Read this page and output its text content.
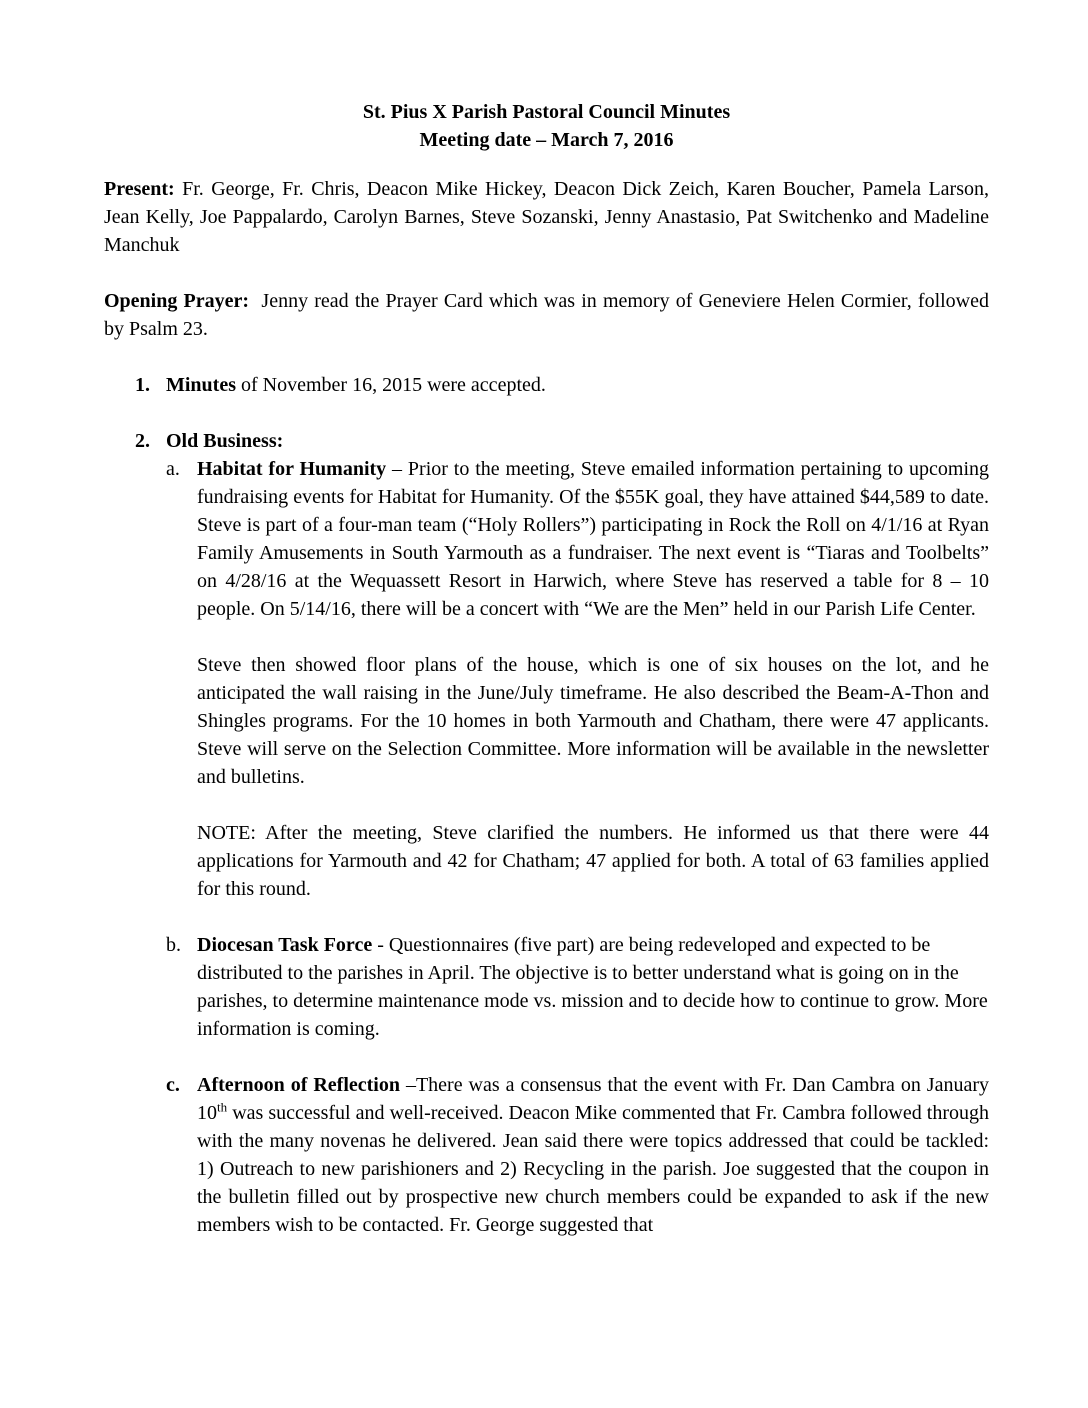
St. Pius X Parish Pastoral Council Minutes

Meeting date – March 7, 2016

Present: Fr. George, Fr. Chris, Deacon Mike Hickey, Deacon Dick Zeich, Karen Boucher, Pamela Larson, Jean Kelly, Joe Pappalardo, Carolyn Barnes, Steve Sozanski, Jenny Anastasio, Pat Switchenko and Madeline Manchuk

Opening Prayer: Jenny read the Prayer Card which was in memory of Geneviere Helen Cormier, followed by Psalm 23.

1. Minutes of November 16, 2015 were accepted.

2. Old Business:

a. Habitat for Humanity – Prior to the meeting, Steve emailed information pertaining to upcoming fundraising events for Habitat for Humanity. Of the $55K goal, they have attained $44,589 to date. Steve is part of a four-man team (“Holy Rollers”) participating in Rock the Roll on 4/1/16 at Ryan Family Amusements in South Yarmouth as a fundraiser. The next event is “Tiaras and Toolbelts” on 4/28/16 at the Wequassett Resort in Harwich, where Steve has reserved a table for 8 – 10 people. On 5/14/16, there will be a concert with “We are the Men” held in our Parish Life Center.

Steve then showed floor plans of the house, which is one of six houses on the lot, and he anticipated the wall raising in the June/July timeframe. He also described the Beam-A-Thon and Shingles programs. For the 10 homes in both Yarmouth and Chatham, there were 47 applicants. Steve will serve on the Selection Committee. More information will be available in the newsletter and bulletins.

NOTE: After the meeting, Steve clarified the numbers. He informed us that there were 44 applications for Yarmouth and 42 for Chatham; 47 applied for both. A total of 63 families applied for this round.

b. Diocesan Task Force - Questionnaires (five part) are being redeveloped and expected to be distributed to the parishes in April. The objective is to better understand what is going on in the parishes, to determine maintenance mode vs. mission and to decide how to continue to grow. More information is coming.

c. Afternoon of Reflection –There was a consensus that the event with Fr. Dan Cambra on January 10th was successful and well-received. Deacon Mike commented that Fr. Cambra followed through with the many novenas he delivered. Jean said there were topics addressed that could be tackled: 1) Outreach to new parishioners and 2) Recycling in the parish. Joe suggested that the coupon in the bulletin filled out by prospective new church members could be expanded to ask if the new members wish to be contacted. Fr. George suggested that
